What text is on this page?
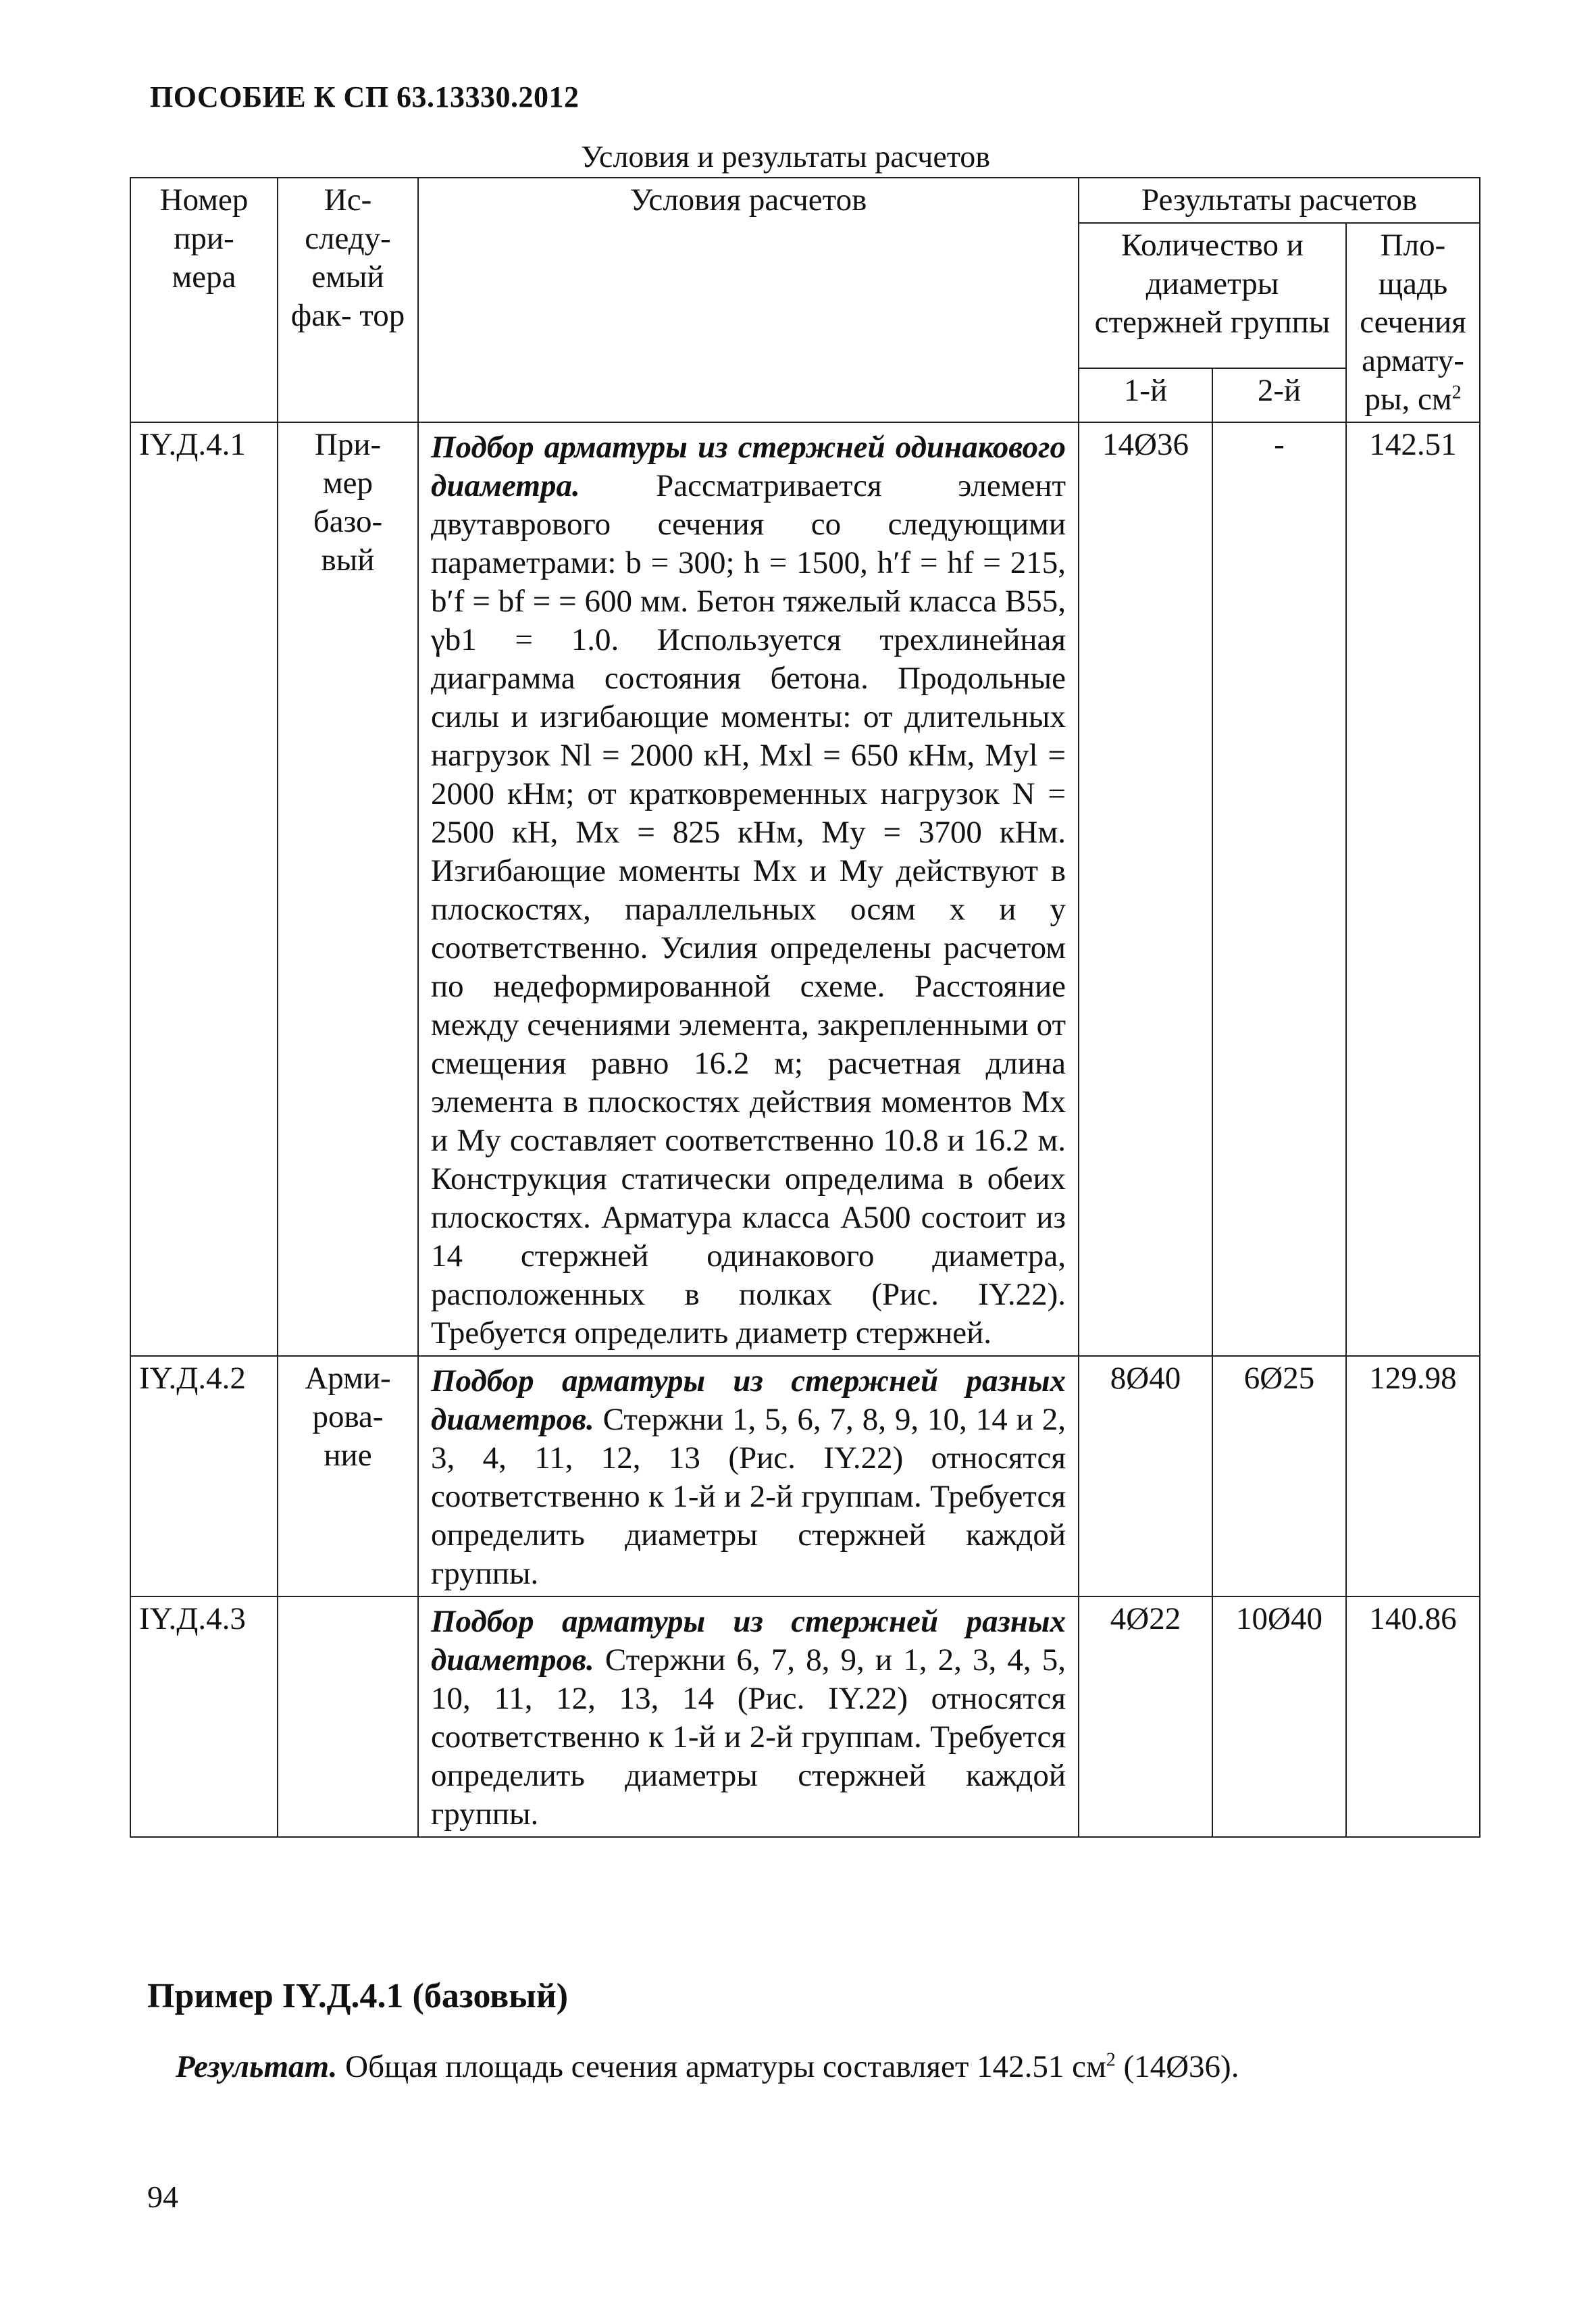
ПОСОБИЕ К СП 63.13330.2012
Условия и результаты расчетов
Номер при- мера	Ис- следу- емый фак- тор	Условия расчетов	Результаты расчетов		
			Количество и диаметры стержней группы		Пло- щадь сечения армату- ры, $см^2$
			1-й	2-й	
IY.Д.4.1	При- мер базо- вый	Подбор арматуры из стержней одинакового диаметра. Рассматривается элемент двутаврового сечения со следующими параметрами: b = 300; h = 1500, h′f = hf = 215, b′f = bf = = 600 мм. Бетон тяжелый класса B55, γb1 = 1.0. Используется трехлинейная диаграмма состояния бетона. Продольные силы и изгибающие моменты: от длительных нагрузок Nl = 2000 кН, Mxl = 650 кНм, Myl = 2000 кНм; от кратковременных нагрузок N = 2500 кН, Mx = 825 кНм, My = 3700 кНм. Изгибающие моменты Mx и My действуют в плоскостях, параллельных осям x и y соответственно. Усилия определены расчетом по недеформированной схеме. Расстояние между сечениями элемента, закрепленными от смещения равно 16.2 м; расчетная длина элемента в плоскостях действия моментов Mx и My составляет соответственно 10.8 и 16.2 м. Конструкция статически определима в обеих плоскостях. Арматура класса A500 состоит из 14 стержней одинакового диаметра, расположенных в полках (Рис. IY.22). Требуется определить диаметр стержней.	14Ø36	-	142.51
IY.Д.4.2	Арми- рова- ние	Подбор арматуры из стержней разных диаметров. Стержни 1, 5, 6, 7, 8, 9, 10, 14 и 2, 3, 4, 11, 12, 13 (Рис. IY.22) относятся соответственно к 1-й и 2-й группам. Требуется определить диаметры стержней каждой группы.	8Ø40	6Ø25	129.98
IY.Д.4.3		Подбор арматуры из стержней разных диаметров. Стержни 6, 7, 8, 9, и 1, 2, 3, 4, 5, 10, 11, 12, 13, 14 (Рис. IY.22) относятся соответственно к 1-й и 2-й группам. Требуется определить диаметры стержней каждой группы.	4Ø22	10Ø40	140.86
Пример IY.Д.4.1 (базовый)
Результат. Общая площадь сечения арматуры составляет 142.51 $см^2$ (14Ø36).
94
